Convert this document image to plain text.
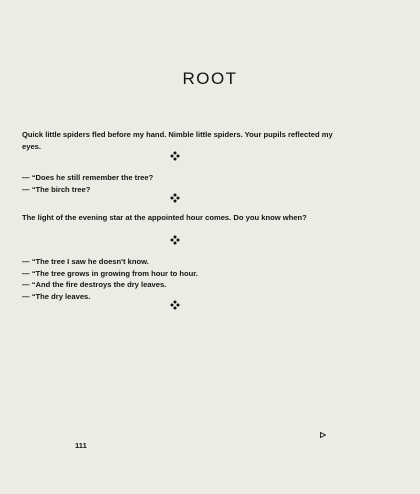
ROOT

Quick little spiders fled before my hand. Nimble little spiders. Your pupils reflected my eyes.

— “Does he still remember the tree?
— “The birch tree?

The light of the evening star at the appointed hour comes. Do you know when?

— “The tree I saw he doesn't know.
— “The tree grows in growing from hour to hour.
— “And the fire destroys the dry leaves.
— “The dry leaves.

111
